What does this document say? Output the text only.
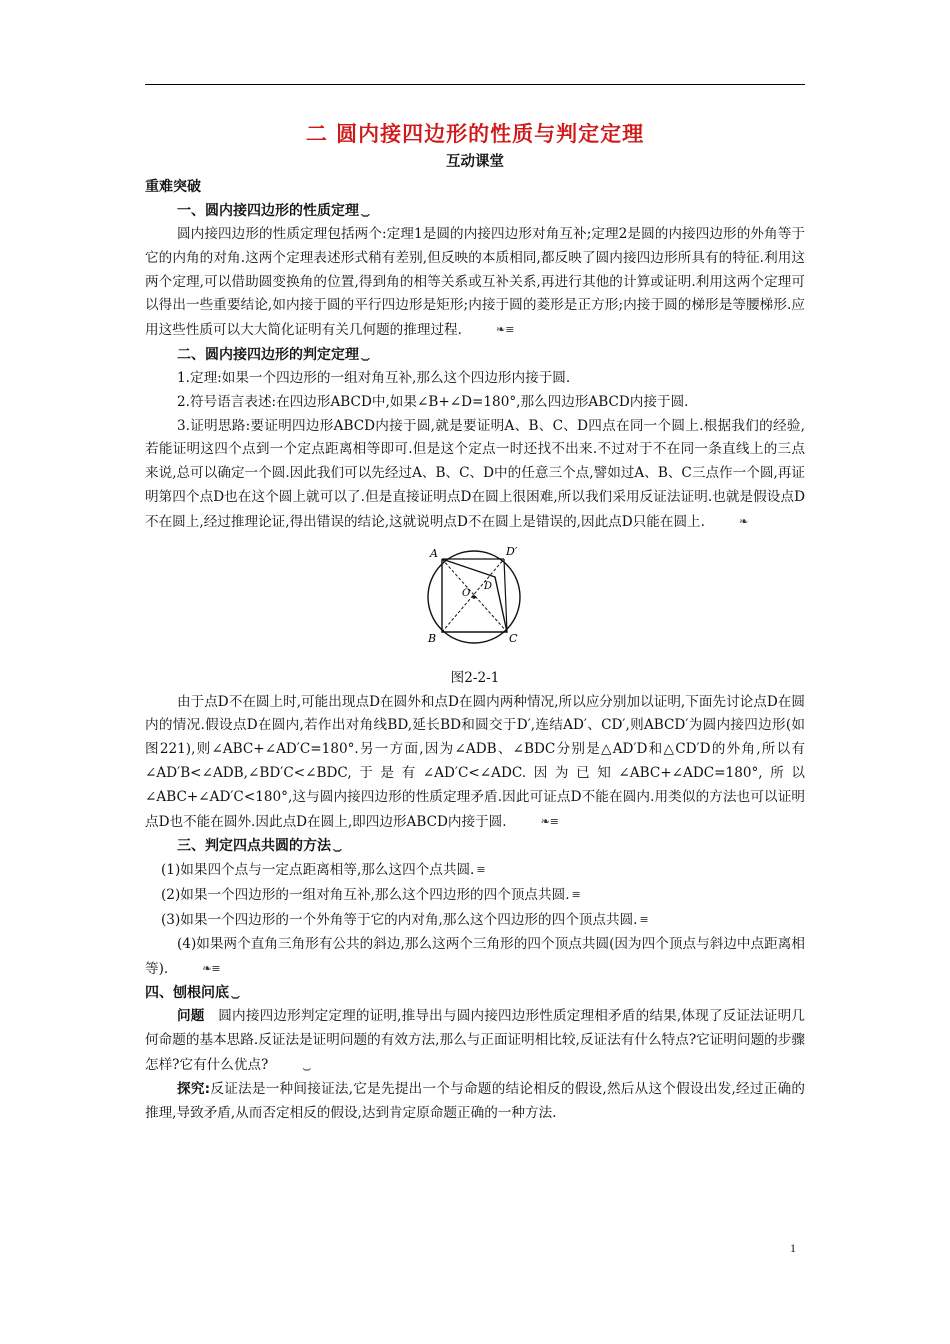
二 圆内接四边形的性质与判定定理
互动课堂
重难突破
一、圆内接四边形的性质定理 ⏡

圆内接四边形的性质定理包括两个:定理1是圆的内接四边形对角互补;定理2是圆的内接四边形的外角等于它的内角的对角.这两个定理表述形式稍有差别,但反映的本质相同,都反映了圆内接四边形所具有的特征.利用这两个定理,可以借助圆变换角的位置,得到角的相等关系或互补关系,再进行其他的计算或证明.利用这两个定理可以得出一些重要结论,如内接于圆的平行四边形是矩形;内接于圆的菱形是正方形;内接于圆的梯形是等腰梯形.应用这些性质可以大大简化证明有关几何题的推理过程.	❧≡

二、圆内接四边形的判定定理 ⏡

1.定理:如果一个四边形的一组对角互补,那么这个四边形内接于圆.

2.符号语言表述:在四边形ABCD中,如果∠B+∠D=180°,那么四边形ABCD内接于圆.

3.证明思路:要证明四边形ABCD内接于圆,就是要证明A、B、C、D四点在同一个圆上.根据我们的经验,若能证明这四个点到一个定点距离相等即可.但是这个定点一时还找不出来.不过对于不在同一条直线上的三点来说,总可以确定一个圆.因此我们可以先经过A、B、C、D中的任意三个点,譬如过A、B、C三点作一个圆,再证明第四个点D也在这个圆上就可以了.但是直接证明点D在圆上很困难,所以我们采用反证法证明.也就是假设点D不在圆上,经过推理论证,得出错误的结论,这就说明点D不在圆上是错误的,因此点D只能在圆上.	❧

A	D′
O
D
B	C
图2-2-1

由于点D不在圆上时,可能出现点D在圆外和点D在圆内两种情况,所以应分别加以证明,下面先讨论点D在圆内的情况.假设点D在圆内,若作出对角线BD,延长BD和圆交于D′,连结AD′、CD′,则ABCD′为圆内接四边形(如图221),则∠ABC+∠AD′C=180°.另一方面,因为∠ADB、∠BDC分别是△AD′D和△CD′D的外角,所以有∠AD′B<∠ADB,∠BD′C<∠BDC,于是有∠AD′C<∠ADC.因为已知∠ABC+∠ADC=180°,所以∠ABC+∠AD′C<180°,这与圆内接四边形的性质定理矛盾.因此可证点D不能在圆内.用类似的方法也可以证明点D也不能在圆外.因此点D在圆上,即四边形ABCD内接于圆.	❧≡

三、判定四点共圆的方法 ⏡

(1)如果四个点与一定点距离相等,那么这四个点共圆. ≡

(2)如果一个四边形的一组对角互补,那么这个四边形的四个顶点共圆. ≡

(3)如果一个四边形的一个外角等于它的内对角,那么这个四边形的四个顶点共圆. ≡

(4)如果两个直角三角形有公共的斜边,那么这两个三角形的四个顶点共圆(因为四个顶点与斜边中点距离相等).	❧≡

四、刨根问底 ⏡

问题　 圆内接四边形判定定理的证明,推导出与圆内接四边形性质定理相矛盾的结果,体现了反证法证明几何命题的基本思路.反证法是证明问题的有效方法,那么与正面证明相比较,反证法有什么特点?它证明问题的步骤怎样?它有什么优点?	⏡

探究:反证法是一种间接证法,它是先提出一个与命题的结论相反的假设,然后从这个假设出发,经过正确的推理,导致矛盾,从而否定相反的假设,达到肯定原命题正确的一种方法.

1
